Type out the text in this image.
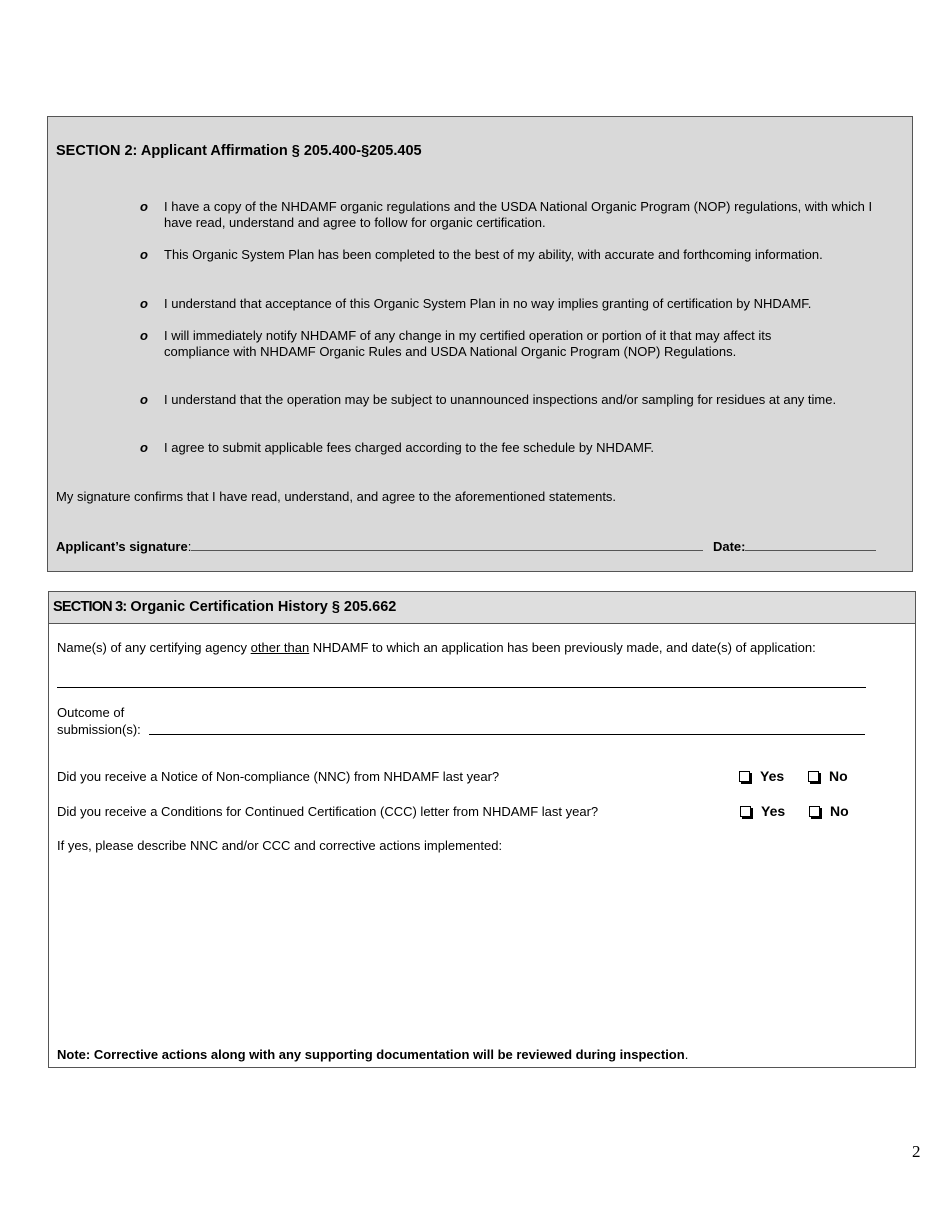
SECTION 2: Applicant Affirmation § 205.400-§205.405
o I have a copy of the NHDAMF organic regulations and the USDA National Organic Program (NOP) regulations, with which I have read, understand and agree to follow for organic certification.
o This Organic System Plan has been completed to the best of my ability, with accurate and forthcoming information.
o I understand that acceptance of this Organic System Plan in no way implies granting of certification by NHDAMF.
o I will immediately notify NHDAMF of any change in my certified operation or portion of it that may affect its compliance with NHDAMF Organic Rules and USDA National Organic Program (NOP) Regulations.
o I understand that the operation may be subject to unannounced inspections and/or sampling for residues at any time.
o I agree to submit applicable fees charged according to the fee schedule by NHDAMF.
My signature confirms that I have read, understand, and agree to the aforementioned statements.
Applicant’s signature:	Date:
SECTION 3: Organic Certification History § 205.662
Name(s) of any certifying agency other than NHDAMF to which an application has been previously made, and date(s) of application:
Outcome of
submission(s):
Did you receive a Notice of Non-compliance (NNC) from NHDAMF last year?	Yes	No
Did you receive a Conditions for Continued Certification (CCC) letter from NHDAMF last year?	Yes	No
If yes, please describe NNC and/or CCC and corrective actions implemented:
Note: Corrective actions along with any supporting documentation will be reviewed during inspection.
2
